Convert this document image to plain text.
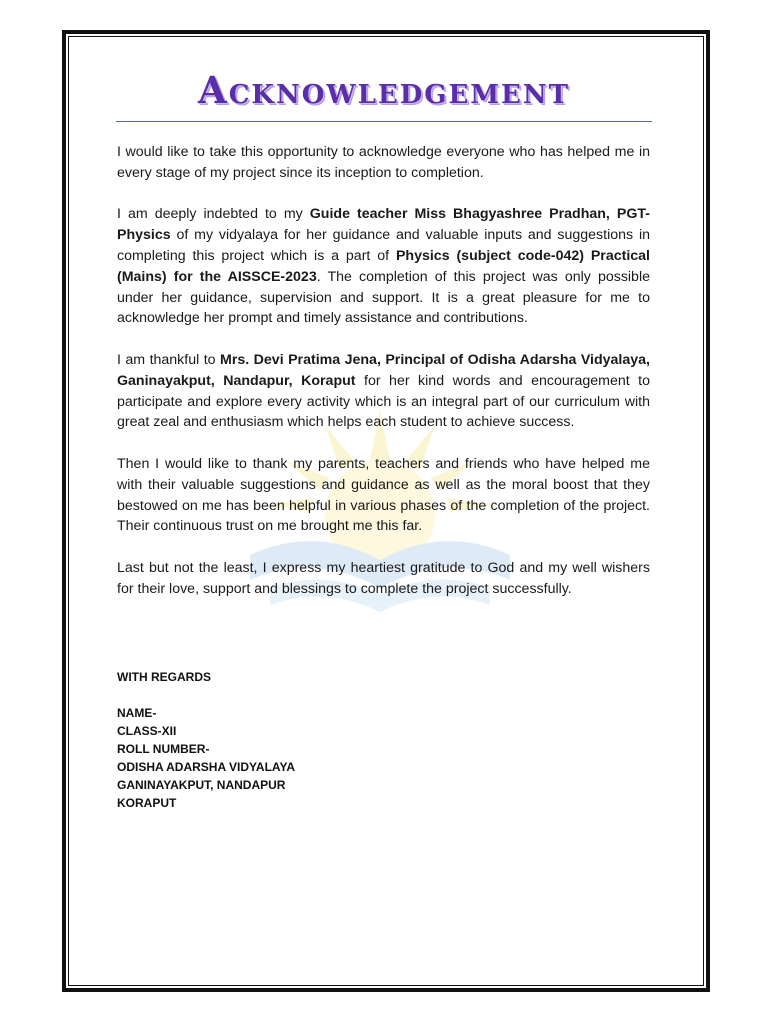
Acknowledgement

I would like to take this opportunity to acknowledge everyone who has helped me in every stage of my project since its inception to completion.

I am deeply indebted to my Guide teacher Miss Bhagyashree Pradhan, PGT-Physics of my vidyalaya for her guidance and valuable inputs and suggestions in completing this project which is a part of Physics (subject code-042) Practical (Mains) for the AISSCE-2023. The completion of this project was only possible under her guidance, supervision and support. It is a great pleasure for me to acknowledge her prompt and timely assistance and contributions.

I am thankful to Mrs. Devi Pratima Jena, Principal of Odisha Adarsha Vidyalaya, Ganinayakput, Nandapur, Koraput for her kind words and encouragement to participate and explore every activity which is an integral part of our curriculum with great zeal and enthusiasm which helps each student to achieve success.

Then I would like to thank my parents, teachers and friends who have helped me with their valuable suggestions and guidance as well as the moral boost that they bestowed on me has been helpful in various phases of the completion of the project. Their continuous trust on me brought me this far.

Last but not the least, I express my heartiest gratitude to God and my well wishers for their love, support and blessings to complete the project successfully.

WITH REGARDS
NAME-
CLASS-XII
ROLL NUMBER-
ODISHA ADARSHA VIDYALAYA
GANINAYAKPUT, NANDAPUR
KORAPUT
